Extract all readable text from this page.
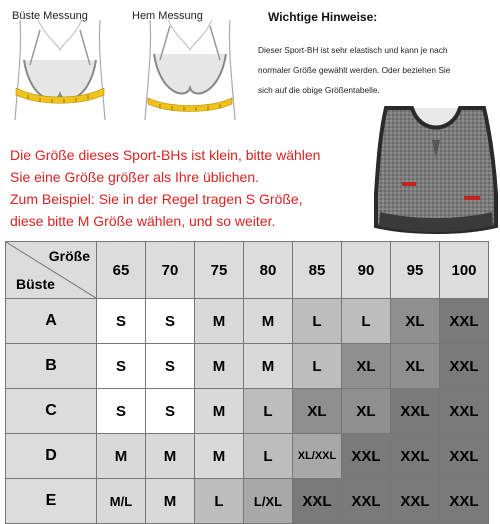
Büste Messung	Hem Messung	Wichtige Hinweise:
Dieser Sport-BH ist sehr elastisch und kann je nach
normaler Größe gewählt werden. Oder beziehen Sie
sich auf die obige Größentabelle.
Die Größe dieses Sport-BHs ist klein, bitte wählen
Sie eine Größe größer als Ihre üblichen.
Zum Beispiel: Sie in der Regel tragen S Größe,
diese bitte M Größe wählen, und so weiter.
Größe
Büste	65	70	75	80	85	90	95	100
A	S	S	M	M	L	L	XL	XXL
B	S	S	M	M	L	XL	XL	XXL
C	S	S	M	L	XL	XL	XXL	XXL
D	M	M	M	L	XL/XXL	XXL	XXL	XXL
E	M/L	M	L	L/XL	XXL	XXL	XXL	XXL
